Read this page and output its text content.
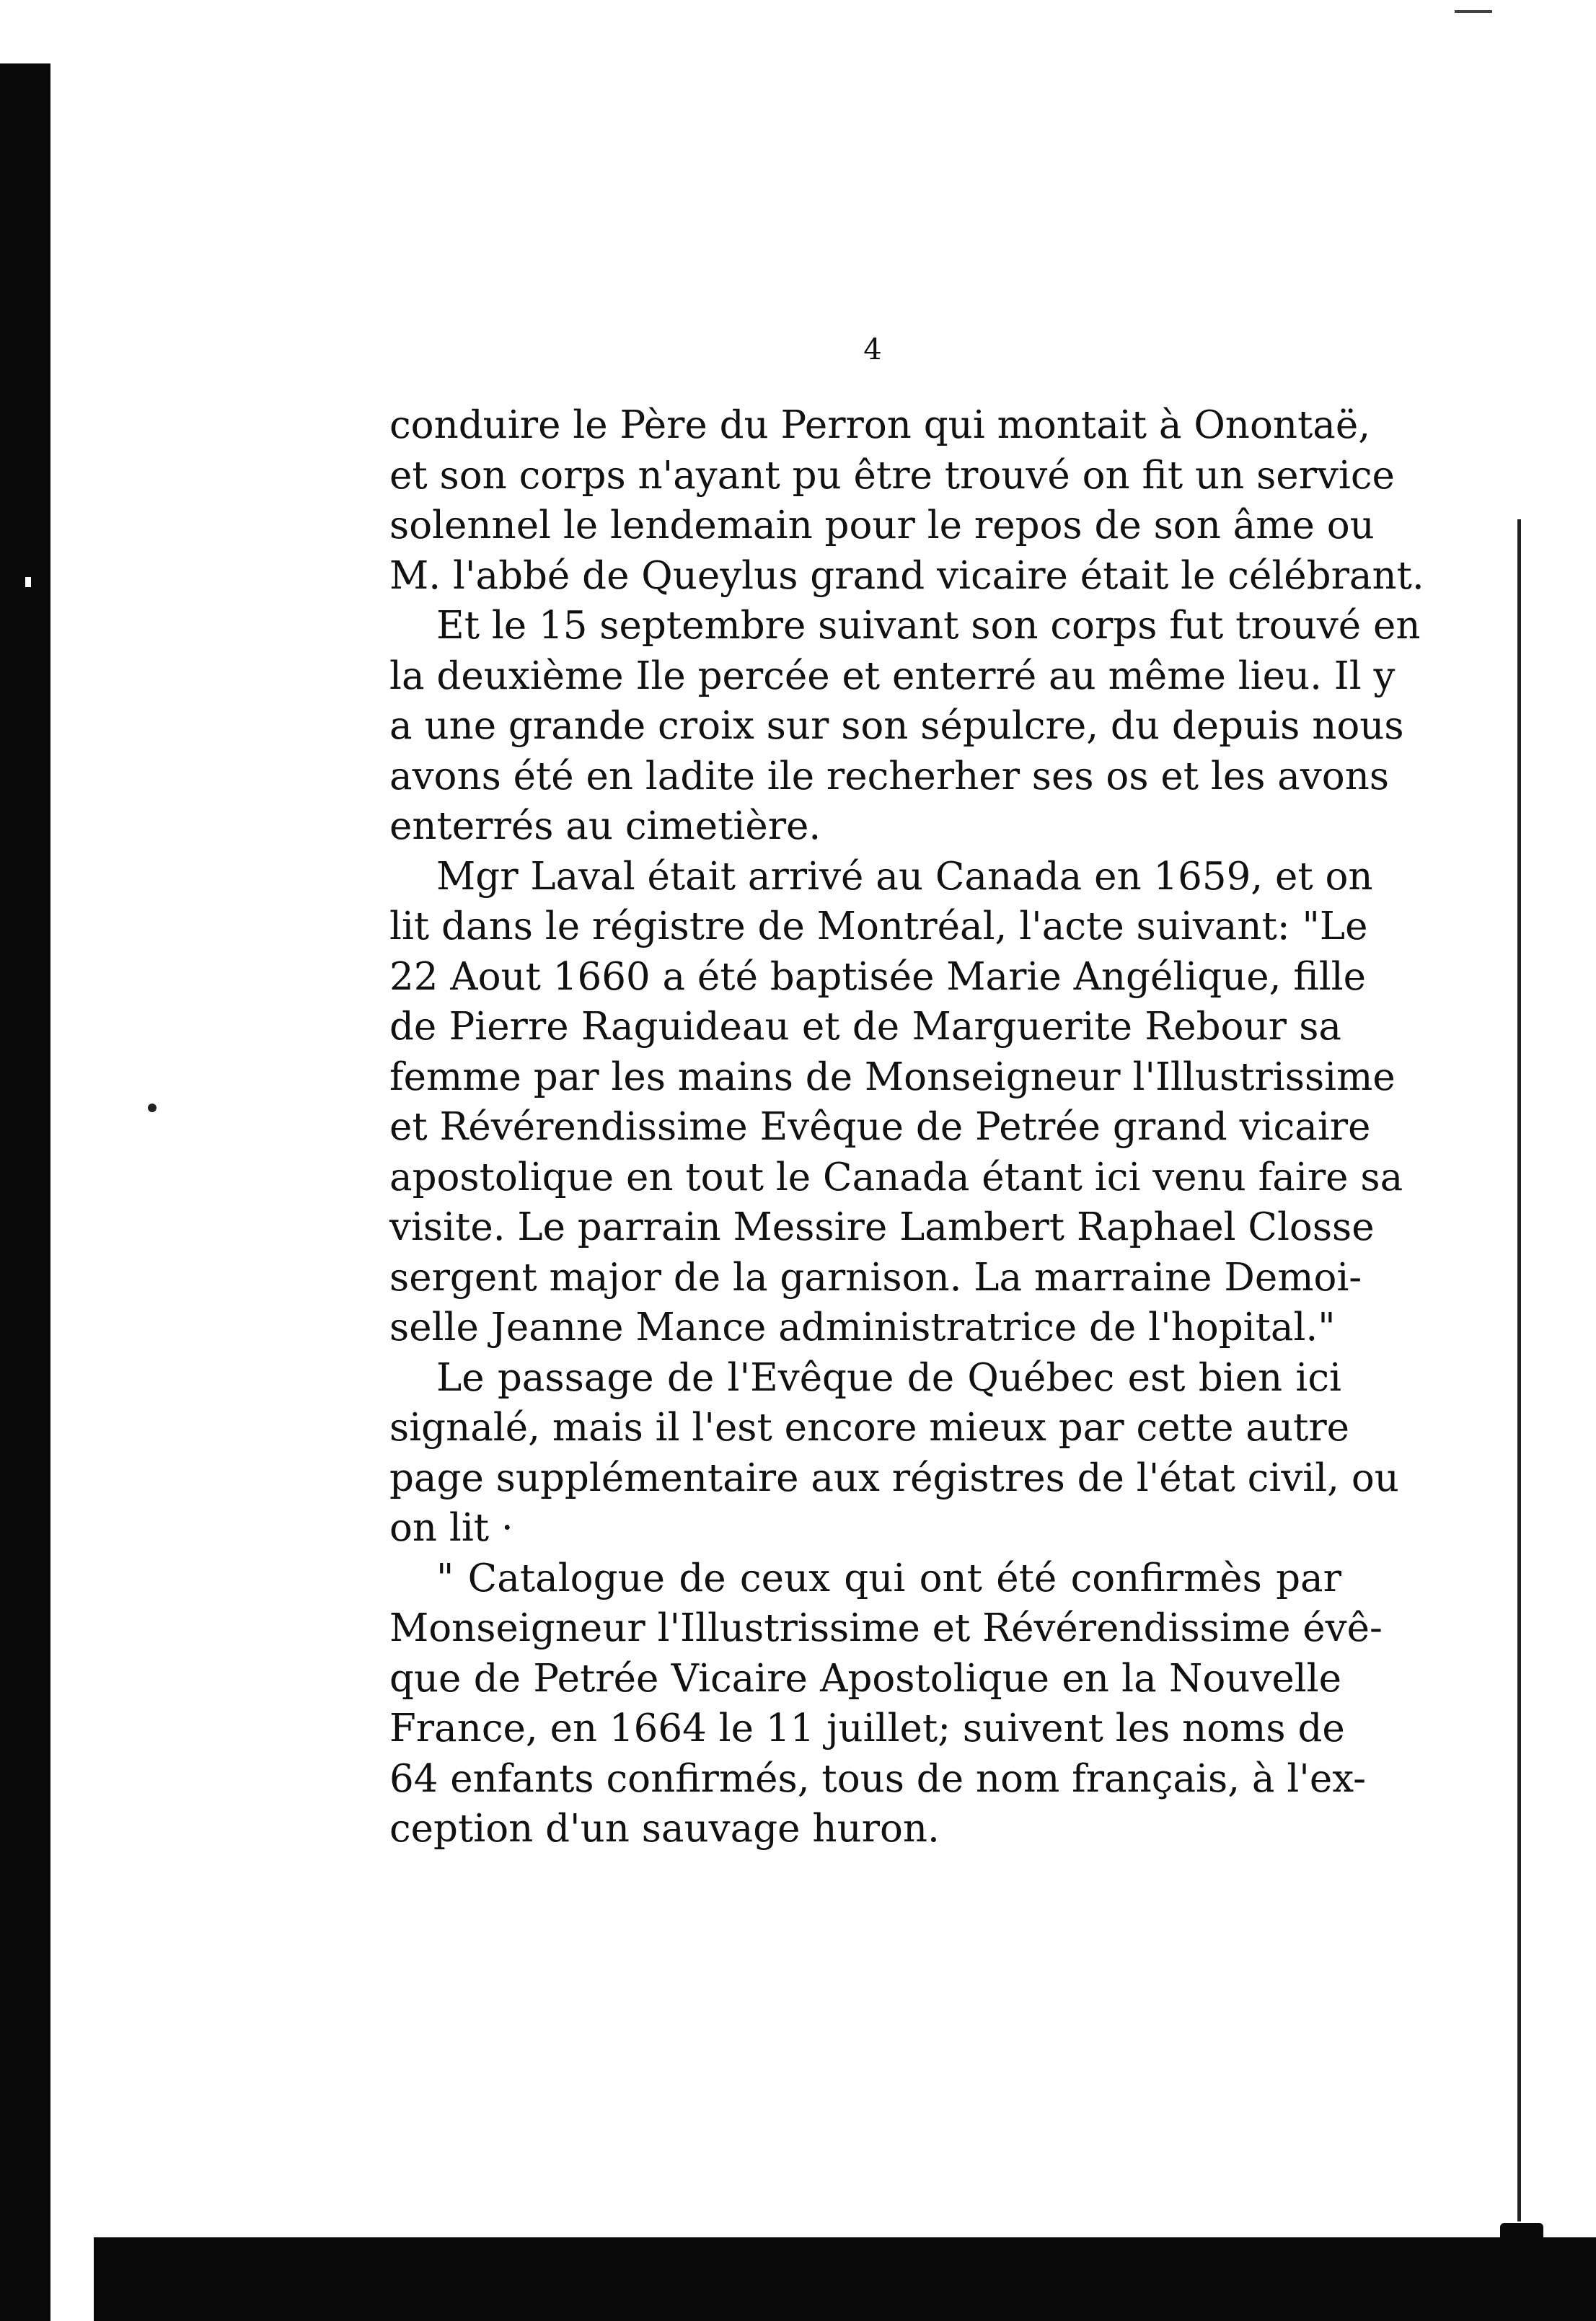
4
conduire le Père du Perron qui montait à Onontaë,
et son corps n'ayant pu être trouvé on fit un service
solennel le lendemain pour le repos de son âme ou
M. l'abbé de Queylus grand vicaire était le célébrant.
Et le 15 septembre suivant son corps fut trouvé en
la deuxième Ile percée et enterré au même lieu. Il y
a une grande croix sur son sépulcre, du depuis nous
avons été en ladite ile recherher ses os et les avons
enterrés au cimetière.
Mgr Laval était arrivé au Canada en 1659, et on
lit dans le régistre de Montréal, l'acte suivant: "Le
22 Aout 1660 a été baptisée Marie Angélique, fille
de Pierre Raguideau et de Marguerite Rebour sa
femme par les mains de Monseigneur l'Illustrissime
et Révérendissime Evêque de Petrée grand vicaire
apostolique en tout le Canada étant ici venu faire sa
visite. Le parrain Messire Lambert Raphael Closse
sergent major de la garnison. La marraine Demoi-
selle Jeanne Mance administratrice de l'hopital."
Le passage de l'Evêque de Québec est bien ici
signalé, mais il l'est encore mieux par cette autre
page supplémentaire aux régistres de l'état civil, ou
on lit ·
" Catalogue de ceux qui ont été confirmès par
Monseigneur l'Illustrissime et Révérendissime évê-
que de Petrée Vicaire Apostolique en la Nouvelle
France, en 1664 le 11 juillet; suivent les noms de
64 enfants confirmés, tous de nom français, à l'ex-
ception d'un sauvage huron.
